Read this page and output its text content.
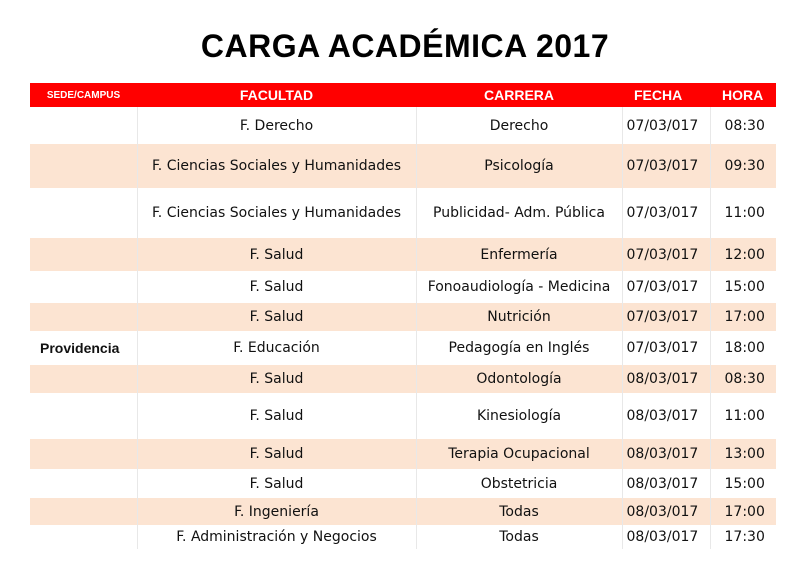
CARGA ACADÉMICA 2017
SEDE/CAMPUS	FACULTAD	CARRERA	FECHA	HORA
	F. Derecho	Derecho	07/03/017	08:30
	F. Ciencias Sociales y Humanidades	Psicología	07/03/017	09:30
	F. Ciencias Sociales y Humanidades	Publicidad- Adm. Pública	07/03/017	11:00
	F. Salud	Enfermería	07/03/017	12:00
	F. Salud	Fonoaudiología - Medicina	07/03/017	15:00
	F. Salud	Nutrición	07/03/017	17:00
Providencia	F. Educación	Pedagogía en Inglés	07/03/017	18:00
	F. Salud	Odontología	08/03/017	08:30
	F. Salud	Kinesiología	08/03/017	11:00
	F. Salud	Terapia Ocupacional	08/03/017	13:00
	F. Salud	Obstetricia	08/03/017	15:00
	F. Ingeniería	Todas	08/03/017	17:00
	F. Administración y Negocios	Todas	08/03/017	17:30
